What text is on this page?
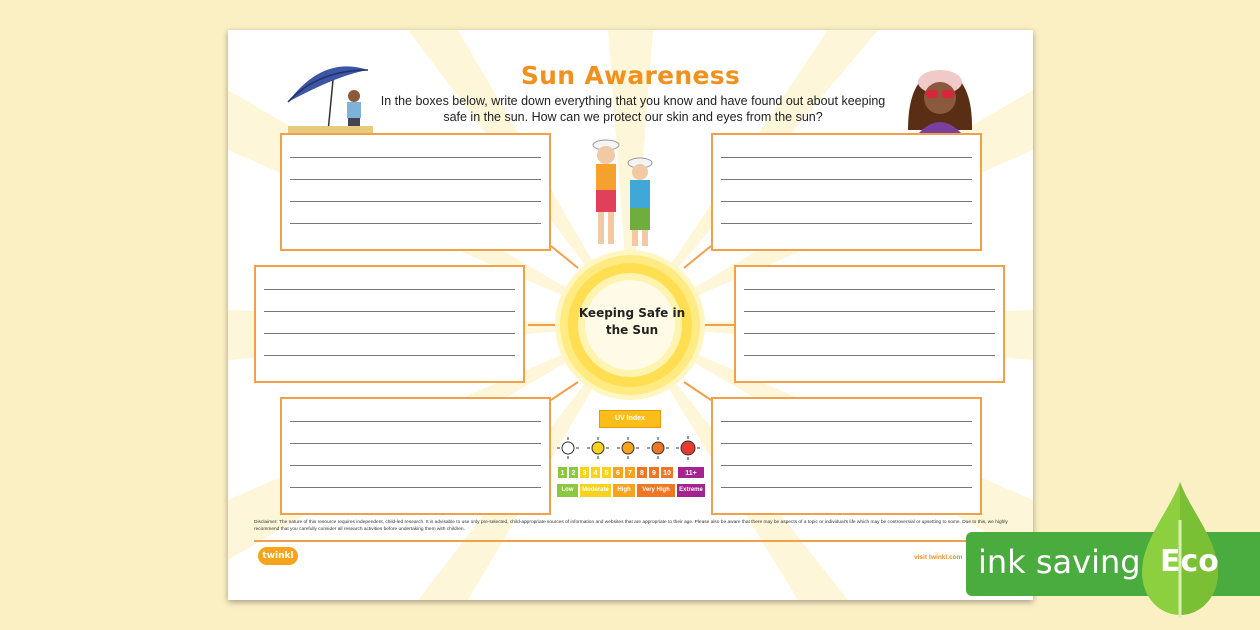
Sun Awareness
In the boxes below, write down everything that you know and have found out about keeping safe in the sun. How can we protect our skin and eyes from the sun?
Keeping Safe in the Sun
UV Index
1	2	3	4	5	6	7	8	9	10	11+
Low	Moderate	High	Very High	Extreme
Disclaimer: The nature of this resource requires independent, child-led research. It is advisable to use only pre-selected, child-appropriate sources of information and websites that are appropriate to their age. Please also be aware that there may be aspects of a topic or individual's life which may be controversial or upsetting to some. Due to this, we highly recommend that you carefully consider all research activities before undertaking them with children.
twinkl	visit twinkl.com ink saving Eco
